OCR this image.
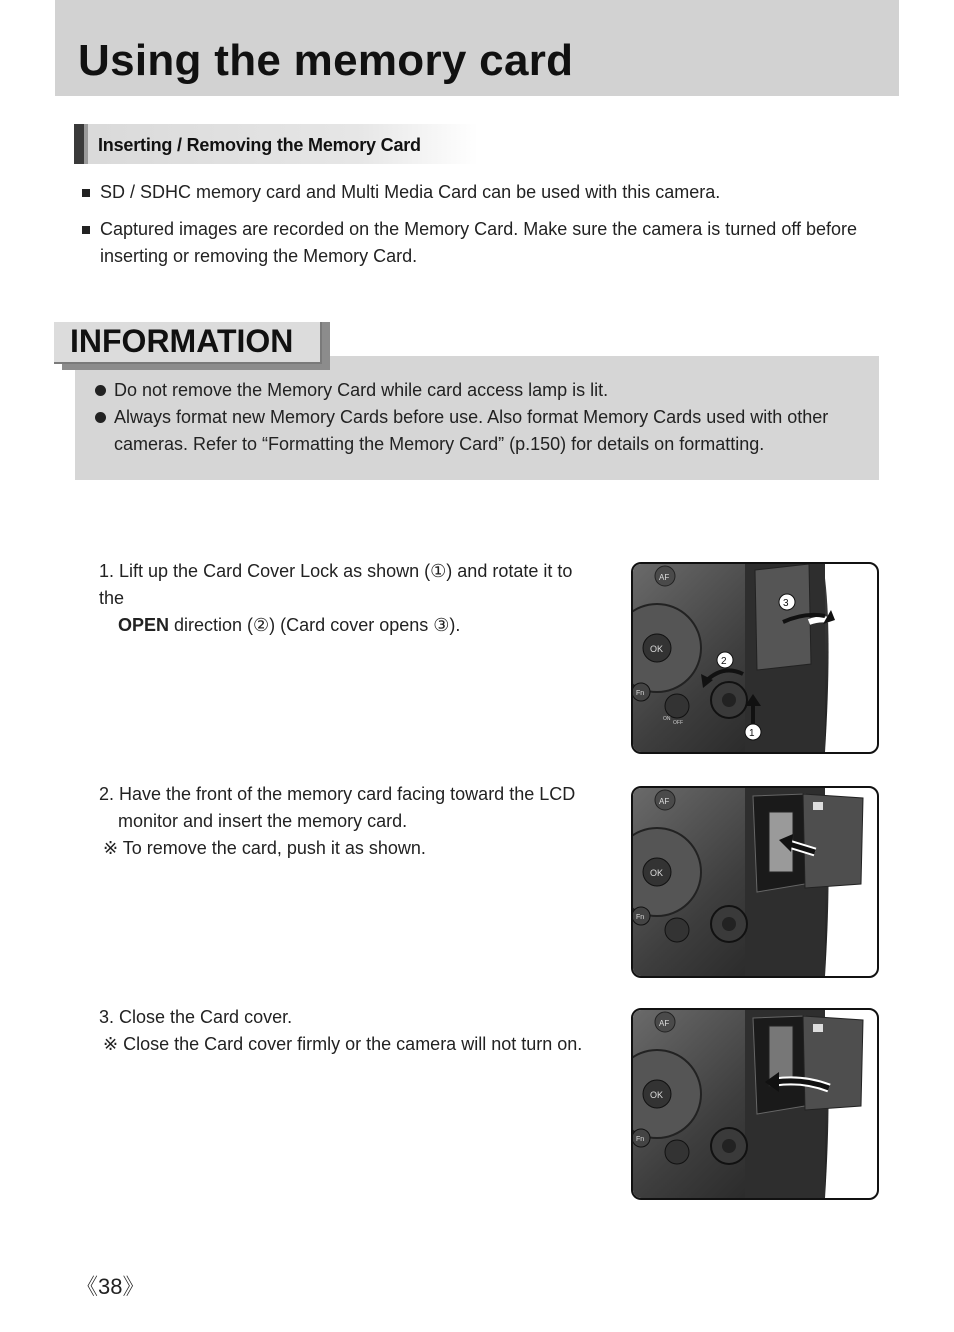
Using the memory card
Inserting / Removing the Memory Card
SD / SDHC memory card and Multi Media Card can be used with this camera.
Captured images are recorded on the Memory Card. Make sure the camera is turned off before
inserting or removing the Memory Card.
Do not remove the Memory Card while card access lamp is lit.
Always format new Memory Cards before use. Also format Memory Cards used with other
cameras. Refer to “Formatting the Memory Card” (p.150) for details on formatting.
INFORMATION
1. Lift up the Card Cover Lock as shown (①) and rotate it to the
OPEN direction (②) (Card cover opens ③).
2. Have the front of the memory card facing toward the LCD
monitor and insert the memory card.
※ To remove the card, push it as shown.
3. Close the Card cover.
※ Close the Card cover firmly or the camera will not turn on.
AF
OK
Fn
ON
OFF
3
2
1
AF
OK
Fn
AF
OK
Fn
《38》
